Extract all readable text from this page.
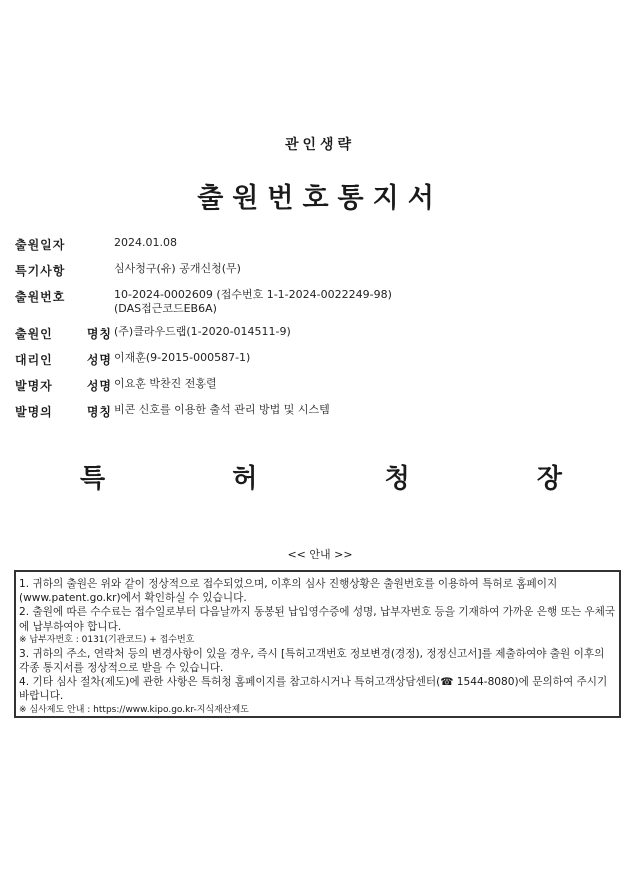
관인생략
출원번호통지서
출원일자	2024.01.08
특기사항	심사청구(유) 공개신청(무)
출원번호	10-2024-0002609 (접수번호 1-1-2024-0022249-98)
(DAS접근코드EB6A)
출원인 명칭 (주)클라우드랩(1-2020-014511-9)
대리인 성명 이재훈(9-2015-000587-1)
발명자 성명 이요훈 박찬진 전홍렬
발명의 명칭 비콘 신호를 이용한 출석 관리 방법 및 시스템
특	허	청	장
<< 안내 >>

1. 귀하의 출원은 위와 같이 정상적으로 접수되었으며, 이후의 심사 진행상황은 출원번호를 이용하여 특허로 홈페이지(www.patent.go.kr)에서 확인하실 수 있습니다.

2. 출원에 따른 수수료는 접수일로부터 다음날까지 동봉된 납입영수증에 성명, 납부자번호 등을 기재하여 가까운 은행 또는 우체국에 납부하여야 합니다.

※ 납부자번호 : 0131(기관코드) + 접수번호

3. 귀하의 주소, 연락처 등의 변경사항이 있을 경우, 즉시 [특허고객번호 정보변경(경정), 정정신고서]를 제출하여야 출원 이후의 각종 통지서를 정상적으로 받을 수 있습니다.

4. 기타 심사 절차(제도)에 관한 사항은 특허청 홈페이지를 참고하시거나 특허고객상담센터(☎ 1544-8080)에 문의하여 주시기 바랍니다.

※ 심사제도 안내 : https://www.kipo.go.kr-지식재산제도
